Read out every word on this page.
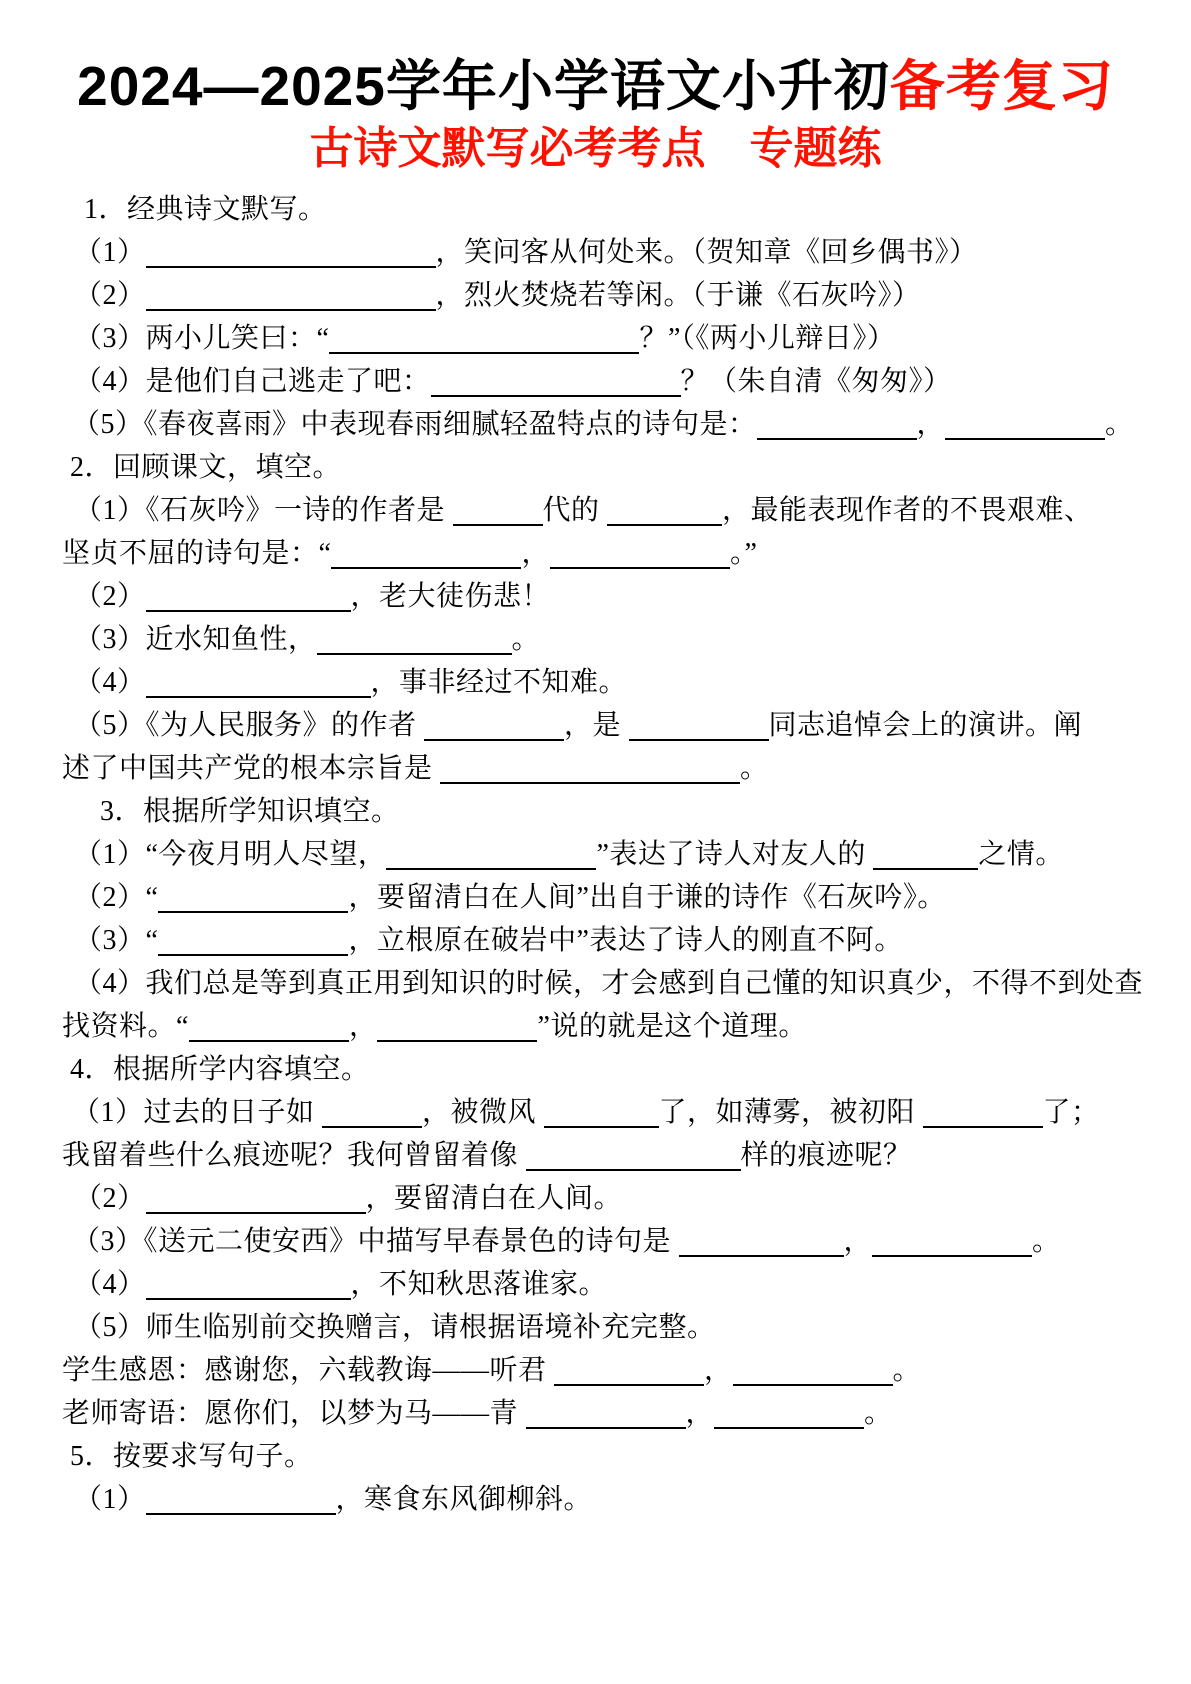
2024—2025学年小学语文小升初备考复习
古诗文默写必考考点　专题练

1．经典诗文默写。

（1）	，笑问客从何处来。（贺知章《回乡偶书》）

（2）	，烈火焚烧若等闲。（于谦《石灰吟》）

（3）两小儿笑曰：“	？”（《两小儿辩日》）

（4）是他们自己逃走了吧：	？（朱自清《匆匆》）

（5）《春夜喜雨》中表现春雨细腻轻盈特点的诗句是：	，	。

2．回顾课文，填空。

（1）《石灰吟》一诗的作者是	代的	，最能表现作者的不畏艰难、

坚贞不屈的诗句是：“	，	。”

（2）	，老大徒伤悲！

（3）近水知鱼性，	。

（4）	，事非经过不知难。

（5）《为人民服务》的作者	，是	同志追悼会上的演讲。阐

述了中国共产党的根本宗旨是	。

3．根据所学知识填空。

（1）“今夜月明人尽望，	”表达了诗人对友人的	之情。

（2）“	，要留清白在人间”出自于谦的诗作《石灰吟》。

（3）“	，立根原在破岩中”表达了诗人的刚直不阿。

（4）我们总是等到真正用到知识的时候，才会感到自己懂的知识真少，不得不到处查

找资料。“	，	”说的就是这个道理。

4．根据所学内容填空。

（1）过去的日子如	，被微风	了，如薄雾，被初阳	了；

我留着些什么痕迹呢？我何曾留着像	样的痕迹呢？

（2）	，要留清白在人间。

（3）《送元二使安西》中描写早春景色的诗句是	，	。

（4）	，不知秋思落谁家。

（5）师生临别前交换赠言，请根据语境补充完整。

学生感恩：感谢您，六载教诲——听君	，	。

老师寄语：愿你们，以梦为马——青	，	。

5．按要求写句子。

（1）	，寒食东风御柳斜。
